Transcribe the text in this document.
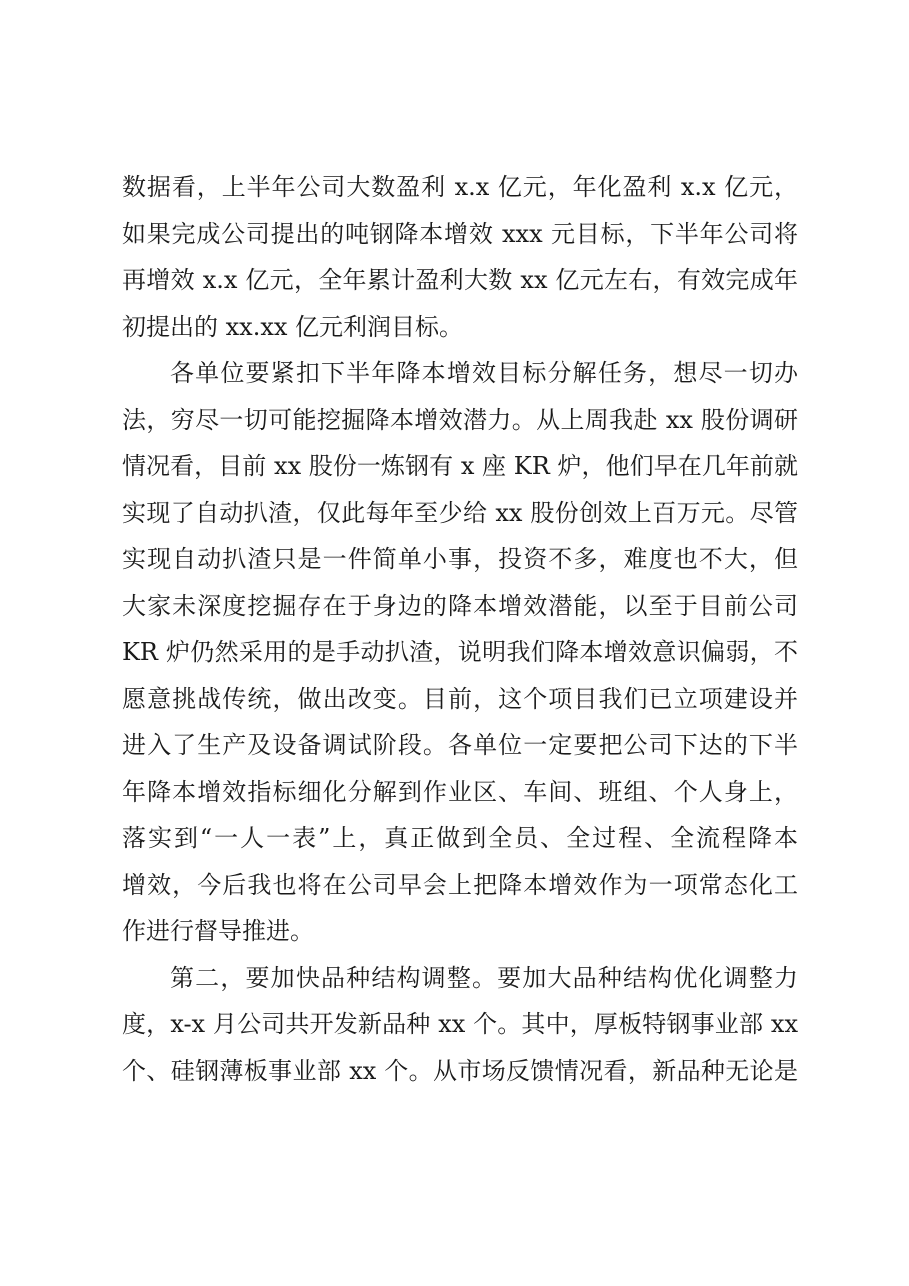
数据看，上半年公司大数盈利 x.x 亿元，年化盈利 x.x 亿元，
如果完成公司提出的吨钢降本增效 xxx 元目标，下半年公司将
再增效 x.x 亿元，全年累计盈利大数 xx 亿元左右，有效完成年
初提出的 xx.xx 亿元利润目标。
各单位要紧扣下半年降本增效目标分解任务，想尽一切办
法，穷尽一切可能挖掘降本增效潜力。从上周我赴 xx 股份调研
情况看，目前 xx 股份一炼钢有 x 座 KR 炉，他们早在几年前就
实现了自动扒渣，仅此每年至少给 xx 股份创效上百万元。尽管
实现自动扒渣只是一件简单小事，投资不多，难度也不大，但
大家未深度挖掘存在于身边的降本增效潜能，以至于目前公司
KR 炉仍然采用的是手动扒渣，说明我们降本增效意识偏弱，不
愿意挑战传统，做出改变。目前，这个项目我们已立项建设并
进入了生产及设备调试阶段。各单位一定要把公司下达的下半
年降本增效指标细化分解到作业区、车间、班组、个人身上，
落实到“一人一表”上，真正做到全员、全过程、全流程降本
增效，今后我也将在公司早会上把降本增效作为一项常态化工
作进行督导推进。
第二，要加快品种结构调整。要加大品种结构优化调整力
度，x-x 月公司共开发新品种 xx 个。其中，厚板特钢事业部 xx
个、硅钢薄板事业部 xx 个。从市场反馈情况看，新品种无论是
